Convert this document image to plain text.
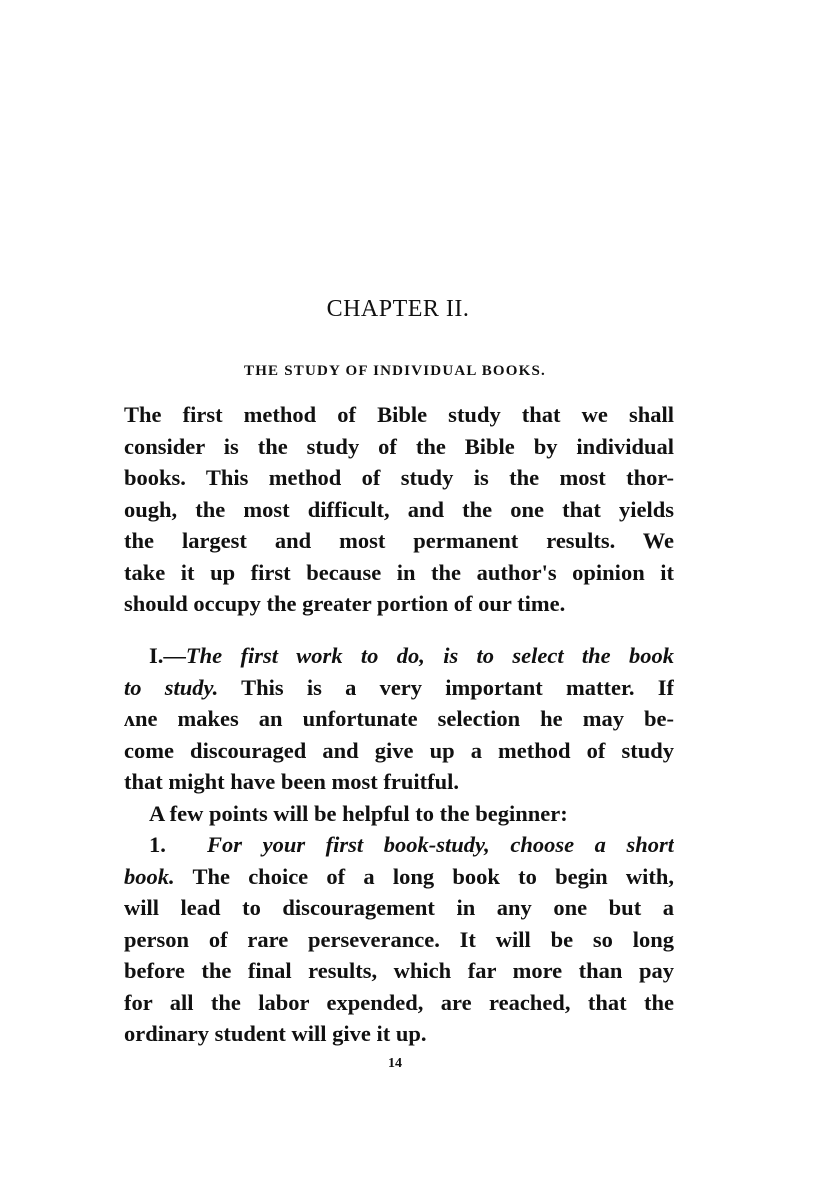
CHAPTER II.
THE STUDY OF INDIVIDUAL BOOKS.
The first method of Bible study that we shall
consider is the study of the Bible by individual
books. This method of study is the most thor-
ough, the most difficult, and the one that yields
the largest and most permanent results. We
take it up first because in the author's opinion it
should occupy the greater portion of our time.
I.—The first work to do, is to select the book
to study. This is a very important matter. If
ᴧne makes an unfortunate selection he may be-
come discouraged and give up a method of study
that might have been most fruitful.
A few points will be helpful to the beginner:
1. For your first book-study, choose a short
book. The choice of a long book to begin with,
will lead to discouragement in any one but a
person of rare perseverance. It will be so long
before the final results, which far more than pay
for all the labor expended, are reached, that the
ordinary student will give it up.
14
